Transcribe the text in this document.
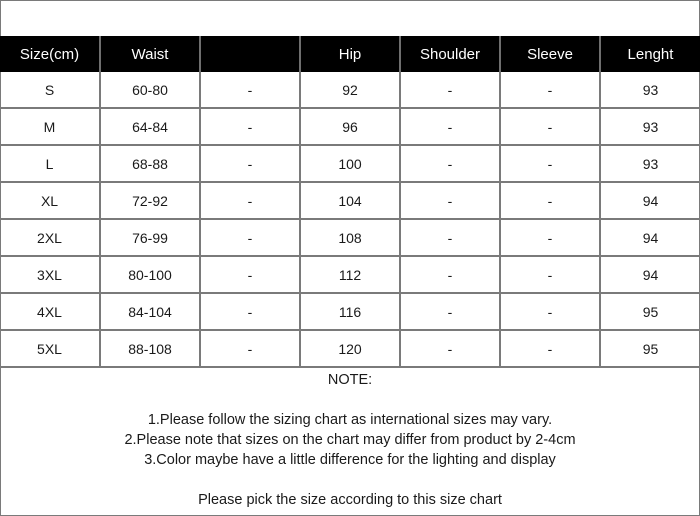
Size(cm)	Waist		Hip	Shoulder	Sleeve	Lenght
S	60-80	-	92	-	-	93
M	64-84	-	96	-	-	93
L	68-88	-	100	-	-	93
XL	72-92	-	104	-	-	94
2XL	76-99	-	108	-	-	94
3XL	80-100	-	112	-	-	94
4XL	84-104	-	116	-	-	95
5XL	88-108	-	120	-	-	95
NOTE:
1.Please follow the sizing chart as international sizes may vary.
2.Please note that sizes on the chart may differ from product by 2-4cm
3.Color maybe have a little difference for the lighting and display
Please pick the size according to this size chart
